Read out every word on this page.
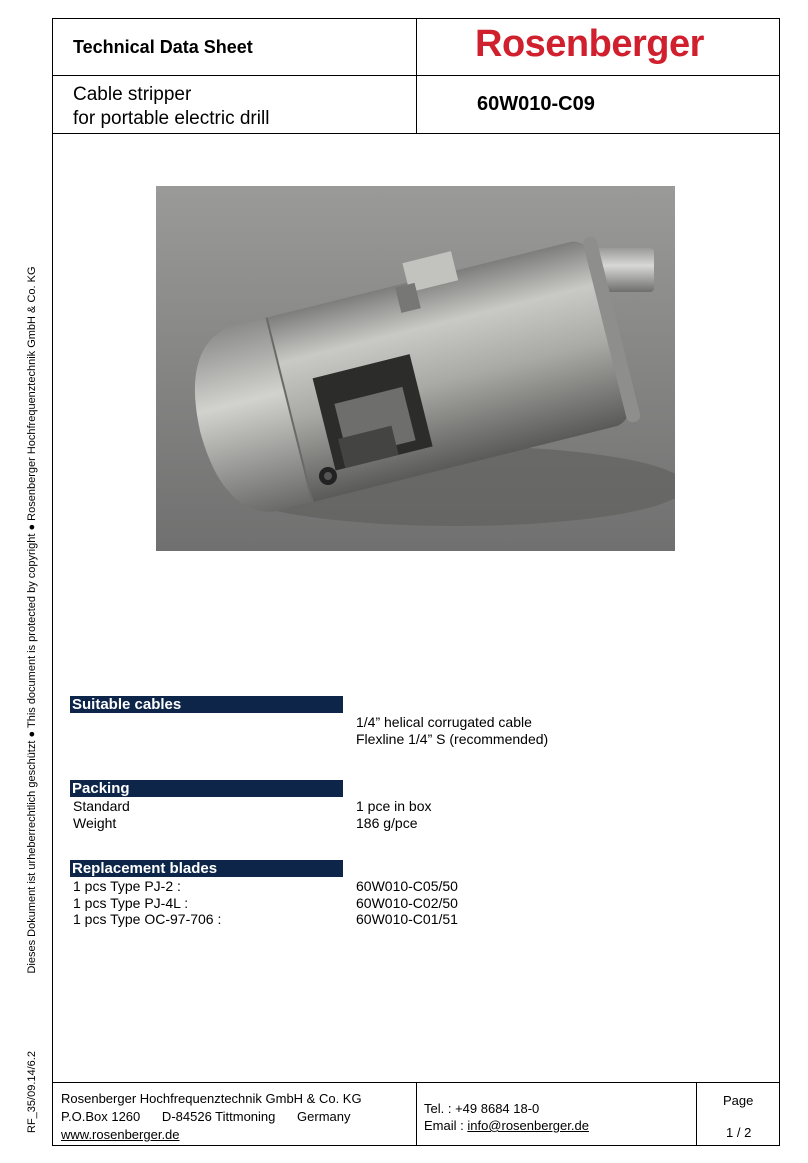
Dieses Dokument ist urheberrechtlich geschützt ● This document is protected by copyright ● Rosenberger Hochfrequenztechnik GmbH & Co. KG
RF_35/09.14/6.2
Technical Data Sheet	Rosenberger
Cable stripper
for portable electric drill
60W010-C09
Suitable cables
1/4” helical corrugated cable
Flexline 1/4” S (recommended)
Packing
Standard	1 pce in box
Weight	186 g/pce
Replacement blades
1 pcs Type PJ-2 :	60W010-C05/50
1 pcs Type PJ-4L :	60W010-C02/50
1 pcs Type OC-97-706 :	60W010-C01/51
Rosenberger Hochfrequenztechnik GmbH & Co. KG
P.O.Box 1260      D-84526 Tittmoning      Germany
www.rosenberger.de
Tel. : +49 8684 18-0
Email : info@rosenberger.de
Page
1 / 2
